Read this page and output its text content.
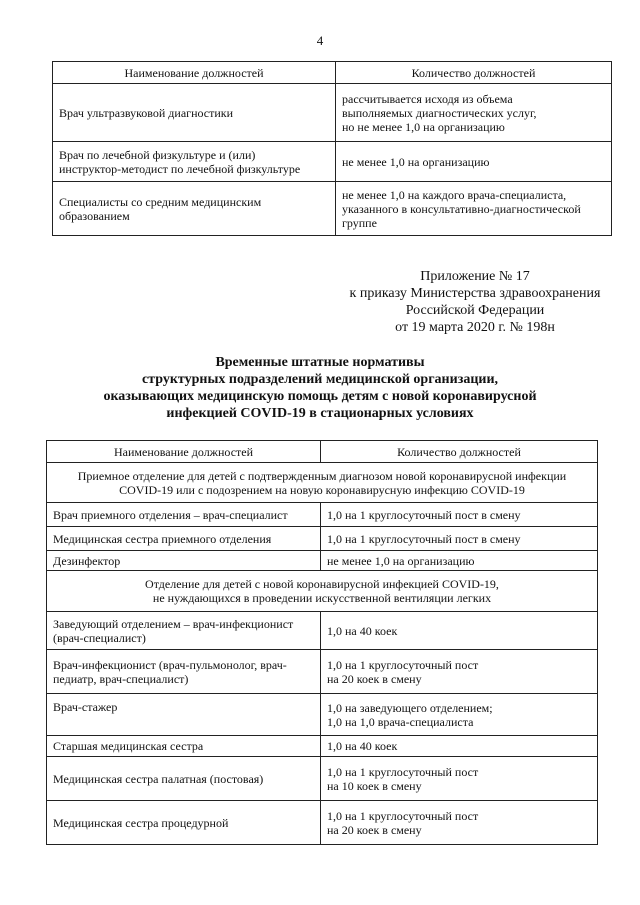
4
Наименование должностей	Количество должностей

Врач ультразвуковой диагностики	рассчитывается исходя из объема
выполняемых диагностических услуг,
но не менее 1,0 на организацию

Врач по лечебной физкультуре и (или)
инструктор-методист по лечебной физкультуре	не менее 1,0 на организацию

Специалисты со средним медицинским
образованием	не менее 1,0 на каждого врача-специалиста,
указанного в консультативно-диагностической
группе
Приложение № 17
к приказу Министерства здравоохранения
Российской Федерации
от 19 марта 2020 г. № 198н
Временные штатные нормативы
структурных подразделений медицинской организации,
оказывающих медицинскую помощь детям с новой коронавирусной
инфекцией COVID-19 в стационарных условиях
Наименование должностей	Количество должностей

Приемное отделение для детей с подтвержденным диагнозом новой коронавирусной инфекции
COVID-19 или с подозрением на новую коронавирусную инфекцию COVID-19	

Врач приемного отделения – врач-специалист	1,0 на 1 круглосуточный пост в смену

Медицинская сестра приемного отделения	1,0 на 1 круглосуточный пост в смену

Дезинфектор	не менее 1,0 на организацию

Отделение для детей с новой коронавирусной инфекцией COVID-19,
не нуждающихся в проведении искусственной вентиляции легких	

Заведующий отделением – врач-инфекционист
(врач-специалист)	1,0 на 40 коек

Врач-инфекционист (врач-пульмонолог, врач-
педиатр, врач-специалист)	1,0 на 1 круглосуточный пост
на 20 коек в смену

Врач-стажер	1,0 на заведующего отделением;
1,0 на 1,0 врача-специалиста

Старшая медицинская сестра	1,0 на 40 коек

Медицинская сестра палатная (постовая)	1,0 на 1 круглосуточный пост
на 10 коек в смену

Медицинская сестра процедурной	1,0 на 1 круглосуточный пост
на 20 коек в смену
